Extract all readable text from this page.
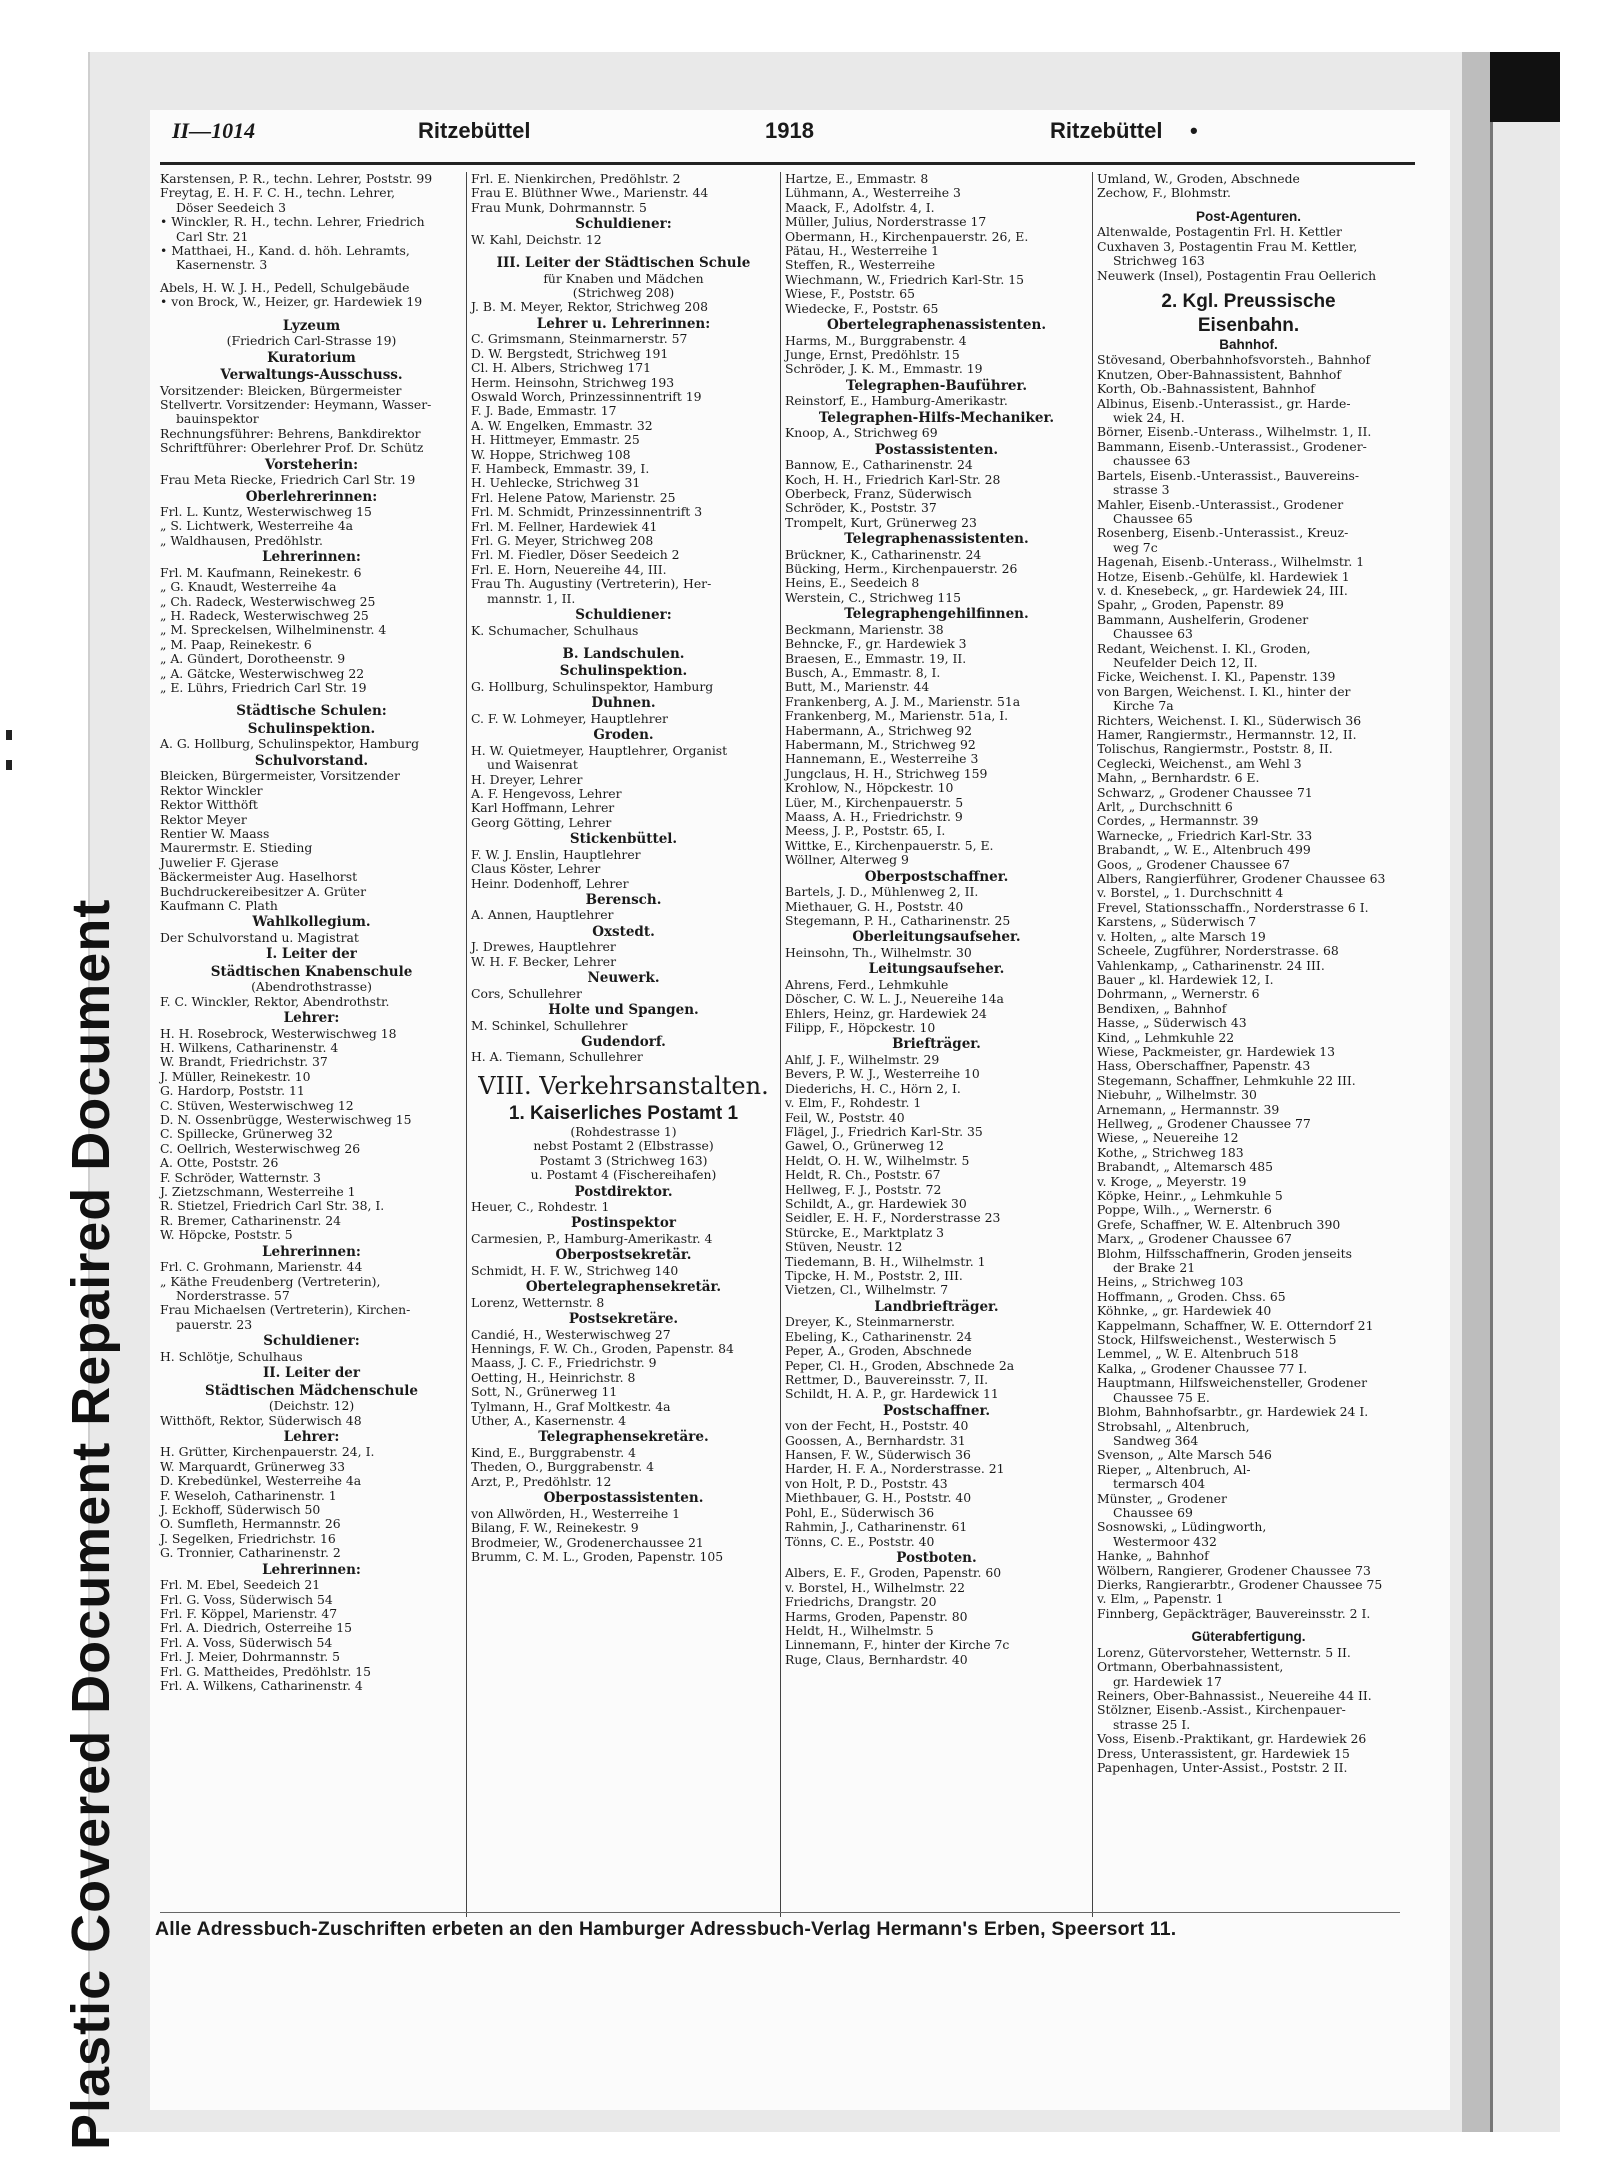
Plastic Covered Document Repaired Document
II—1014	Ritzebüttel	1918	Ritzebüttel •

Karstensen, P. R., techn. Lehrer, Poststr. 99

Freytag, E. H. F. C. H., techn. Lehrer,

Döser Seedeich 3

• Winckler, R. H., techn. Lehrer, Friedrich

Carl Str. 21

• Matthaei, H., Kand. d. höh. Lehramts,

Kasernenstr. 3

Abels, H. W. J. H., Pedell, Schulgebäude

• von Brock, W., Heizer, gr. Hardewiek 19

Lyzeum

(Friedrich Carl-Strasse 19)

Kuratorium

Verwaltungs-Ausschuss.

Vorsitzender: Bleicken, Bürgermeister

Stellvertr. Vorsitzender: Heymann, Wasser-

bauinspektor

Rechnungsführer: Behrens, Bankdirektor

Schriftführer: Oberlehrer Prof. Dr. Schütz

Vorsteherin:

Frau Meta Riecke, Friedrich Carl Str. 19

Oberlehrerinnen:

Frl. L. Kuntz, Westerwischweg 15

„ S. Lichtwerk, Westerreihe 4a

„ Waldhausen, Predöhlstr.

Lehrerinnen:

Frl. M. Kaufmann, Reinekestr. 6

„ G. Knaudt, Westerreihe 4a

„ Ch. Radeck, Westerwischweg 25

„ H. Radeck, Westerwischweg 25

„ M. Spreckelsen, Wilhelminenstr. 4

„ M. Paap, Reinekestr. 6

„ A. Gündert, Dorotheenstr. 9

„ A. Gätcke, Westerwischweg 22

„ E. Lührs, Friedrich Carl Str. 19

Städtische Schulen:

Schulinspektion.

A. G. Hollburg, Schulinspektor, Hamburg

Schulvorstand.

Bleicken, Bürgermeister, Vorsitzender

Rektor Winckler

Rektor Witthöft

Rektor Meyer

Rentier W. Maass

Maurermstr. E. Stieding

Juwelier F. Gjerase

Bäckermeister Aug. Haselhorst

Buchdruckereibesitzer A. Grüter

Kaufmann C. Plath

Wahlkollegium.

Der Schulvorstand u. Magistrat

I. Leiter der

Städtischen Knabenschule

(Abendrothstrasse)

F. C. Winckler, Rektor, Abendrothstr.

Lehrer:

H. H. Rosebrock, Westerwischweg 18

H. Wilkens, Catharinenstr. 4

W. Brandt, Friedrichstr. 37

J. Müller, Reinekestr. 10

G. Hardorp, Poststr. 11

C. Stüven, Westerwischweg 12

D. N. Ossenbrügge, Westerwischweg 15

C. Spillecke, Grünerweg 32

C. Oellrich, Westerwischweg 26

A. Otte, Poststr. 26

F. Schröder, Watternstr. 3

J. Zietzschmann, Westerreihe 1

R. Stietzel, Friedrich Carl Str. 38, I.

R. Bremer, Catharinenstr. 24

W. Höpcke, Poststr. 5

Lehrerinnen:

Frl. C. Grohmann, Marienstr. 44

„ Käthe Freudenberg (Vertreterin),

Norderstrasse. 57

Frau Michaelsen (Vertreterin), Kirchen-

pauerstr. 23

Schuldiener:

H. Schlötje, Schulhaus

II. Leiter der

Städtischen Mädchenschule

(Deichstr. 12)

Witthöft, Rektor, Süderwisch 48

Lehrer:

H. Grütter, Kirchenpauerstr. 24, I.

W. Marquardt, Grünerweg 33

D. Krebedünkel, Westerreihe 4a

F. Weseloh, Catharinenstr. 1

J. Eckhoff, Süderwisch 50

O. Sumfleth, Hermannstr. 26

J. Segelken, Friedrichstr. 16

G. Tronnier, Catharinenstr. 2

Lehrerinnen:

Frl. M. Ebel, Seedeich 21

Frl. G. Voss, Süderwisch 54

Frl. F. Köppel, Marienstr. 47

Frl. A. Diedrich, Osterreihe 15

Frl. A. Voss, Süderwisch 54

Frl. J. Meier, Dohrmannstr. 5

Frl. G. Mattheides, Predöhlstr. 15

Frl. A. Wilkens, Catharinenstr. 4

Frl. E. Nienkirchen, Predöhlstr. 2

Frau E. Blüthner Wwe., Marienstr. 44

Frau Munk, Dohrmannstr. 5

Schuldiener:

W. Kahl, Deichstr. 12

III. Leiter der Städtischen Schule

für Knaben und Mädchen

(Strichweg 208)

J. B. M. Meyer, Rektor, Strichweg 208

Lehrer u. Lehrerinnen:

C. Grimsmann, Steinmarnerstr. 57

D. W. Bergstedt, Strichweg 191

Cl. H. Albers, Strichweg 171

Herm. Heinsohn, Strichweg 193

Oswald Worch, Prinzessinnentrift 19

F. J. Bade, Emmastr. 17

A. W. Engelken, Emmastr. 32

H. Hittmeyer, Emmastr. 25

W. Hoppe, Strichweg 108

F. Hambeck, Emmastr. 39, I.

H. Uehlecke, Strichweg 31

Frl. Helene Patow, Marienstr. 25

Frl. M. Schmidt, Prinzessinnentrift 3

Frl. M. Fellner, Hardewiek 41

Frl. G. Meyer, Strichweg 208

Frl. M. Fiedler, Döser Seedeich 2

Frl. E. Horn, Neuereihe 44, III.

Frau Th. Augustiny (Vertreterin), Her-

mannstr. 1, II.

Schuldiener:

K. Schumacher, Schulhaus

B. Landschulen.

Schulinspektion.

G. Hollburg, Schulinspektor, Hamburg

Duhnen.

C. F. W. Lohmeyer, Hauptlehrer

Groden.

H. W. Quietmeyer, Hauptlehrer, Organist

und Waisenrat

H. Dreyer, Lehrer

A. F. Hengevoss, Lehrer

Karl Hoffmann, Lehrer

Georg Götting, Lehrer

Stickenbüttel.

F. W. J. Enslin, Hauptlehrer

Claus Köster, Lehrer

Heinr. Dodenhoff, Lehrer

Berensch.

A. Annen, Hauptlehrer

Oxstedt.

J. Drewes, Hauptlehrer

W. H. F. Becker, Lehrer

Neuwerk.

Cors, Schullehrer

Holte und Spangen.

M. Schinkel, Schullehrer

Gudendorf.

H. A. Tiemann, Schullehrer

VIII. Verkehrsanstalten.

1. Kaiserliches Postamt 1

(Rohdestrasse 1)

nebst Postamt 2 (Elbstrasse)

Postamt 3 (Strichweg 163)

u. Postamt 4 (Fischereihafen)

Postdirektor.

Heuer, C., Rohdestr. 1

Postinspektor

Carmesien, P., Hamburg-Amerikastr. 4

Oberpostsekretär.

Schmidt, H. F. W., Strichweg 140

Obertelegraphensekretär.

Lorenz, Wetternstr. 8

Postsekretäre.

Candié, H., Westerwischweg 27

Hennings, F. W. Ch., Groden, Papenstr. 84

Maass, J. C. F., Friedrichstr. 9

Oetting, H., Heinrichstr. 8

Sott, N., Grünerweg 11

Tylmann, H., Graf Moltkestr. 4a

Uther, A., Kasernenstr. 4

Telegraphensekretäre.

Kind, E., Burggrabenstr. 4

Theden, O., Burggrabenstr. 4

Arzt, P., Predöhlstr. 12

Oberpostassistenten.

von Allwörden, H., Westerreihe 1

Bilang, F. W., Reinekestr. 9

Brodmeier, W., Grodenerchaussee 21

Brumm, C. M. L., Groden, Papenstr. 105

Hartze, E., Emmastr. 8

Lühmann, A., Westerreihe 3

Maack, F., Adolfstr. 4, I.

Müller, Julius, Norderstrasse 17

Obermann, H., Kirchenpauerstr. 26, E.

Pätau, H., Westerreihe 1

Steffen, R., Westerreihe

Wiechmann, W., Friedrich Karl-Str. 15

Wiese, F., Poststr. 65

Wiedecke, F., Poststr. 65

Obertelegraphenassistenten.

Harms, M., Burggrabenstr. 4

Junge, Ernst, Predöhlstr. 15

Schröder, J. K. M., Emmastr. 19

Telegraphen-Bauführer.

Reinstorf, E., Hamburg-Amerikastr.

Telegraphen-Hilfs-Mechaniker.

Knoop, A., Strichweg 69

Postassistenten.

Bannow, E., Catharinenstr. 24

Koch, H. H., Friedrich Karl-Str. 28

Oberbeck, Franz, Süderwisch

Schröder, K., Poststr. 37

Trompelt, Kurt, Grünerweg 23

Telegraphenassistenten.

Brückner, K., Catharinenstr. 24

Bücking, Herm., Kirchenpauerstr. 26

Heins, E., Seedeich 8

Werstein, C., Strichweg 115

Telegraphengehilfinnen.

Beckmann, Marienstr. 38

Behncke, F., gr. Hardewiek 3

Braesen, E., Emmastr. 19, II.

Busch, A., Emmastr. 8, I.

Butt, M., Marienstr. 44

Frankenberg, A. J. M., Marienstr. 51a

Frankenberg, M., Marienstr. 51a, I.

Habermann, A., Strichweg 92

Habermann, M., Strichweg 92

Hannemann, E., Westerreihe 3

Jungclaus, H. H., Strichweg 159

Krohlow, N., Höpckestr. 10

Lüer, M., Kirchenpauerstr. 5

Maass, A. H., Friedrichstr. 9

Meess, J. P., Poststr. 65, I.

Wittke, E., Kirchenpauerstr. 5, E.

Wöllner, Alterweg 9

Oberpostschaffner.

Bartels, J. D., Mühlenweg 2, II.

Miethauer, G. H., Poststr. 40

Stegemann, P. H., Catharinenstr. 25

Oberleitungsaufseher.

Heinsohn, Th., Wilhelmstr. 30

Leitungsaufseher.

Ahrens, Ferd., Lehmkuhle

Döscher, C. W. L. J., Neuereihe 14a

Ehlers, Heinz, gr. Hardewiek 24

Filipp, F., Höpckestr. 10

Briefträger.

Ahlf, J. F., Wilhelmstr. 29

Bevers, P. W. J., Westerreihe 10

Diederichs, H. C., Hörn 2, I.

v. Elm, F., Rohdestr. 1

Feil, W., Poststr. 40

Flägel, J., Friedrich Karl-Str. 35

Gawel, O., Grünerweg 12

Heldt, O. H. W., Wilhelmstr. 5

Heldt, R. Ch., Poststr. 67

Hellweg, F. J., Poststr. 72

Schildt, A., gr. Hardewiek 30

Seidler, E. H. F., Norderstrasse 23

Stürcke, E., Marktplatz 3

Stüven, Neustr. 12

Tiedemann, B. H., Wilhelmstr. 1

Tipcke, H. M., Poststr. 2, III.

Vietzen, Cl., Wilhelmstr. 7

Landbriefträger.

Dreyer, K., Steinmarnerstr.

Ebeling, K., Catharinenstr. 24

Peper, A., Groden, Abschnede

Peper, Cl. H., Groden, Abschnede 2a

Rettmer, D., Bauvereinsstr. 7, II.

Schildt, H. A. P., gr. Hardewick 11

Postschaffner.

von der Fecht, H., Poststr. 40

Goossen, A., Bernhardstr. 31

Hansen, F. W., Süderwisch 36

Harder, H. F. A., Norderstrasse. 21

von Holt, P. D., Poststr. 43

Miethbauer, G. H., Poststr. 40

Pohl, E., Süderwisch 36

Rahmin, J., Catharinenstr. 61

Tönns, C. E., Poststr. 40

Postboten.

Albers, E. F., Groden, Papenstr. 60

v. Borstel, H., Wilhelmstr. 22

Friedrichs, Drangstr. 20

Harms, Groden, Papenstr. 80

Heldt, H., Wilhelmstr. 5

Linnemann, F., hinter der Kirche 7c

Ruge, Claus, Bernhardstr. 40

Umland, W., Groden, Abschnede

Zechow, F., Blohmstr.

Post-Agenturen.

Altenwalde, Postagentin Frl. H. Kettler

Cuxhaven 3, Postagentin Frau M. Kettler,

Strichweg 163

Neuwerk (Insel), Postagentin Frau Oellerich

2. Kgl. Preussische

Eisenbahn.

Bahnhof.

Stövesand, Oberbahnhofsvorsteh., Bahnhof

Knutzen, Ober-Bahnassistent, Bahnhof

Korth, Ob.-Bahnassistent, Bahnhof

Albinus, Eisenb.-Unterassist., gr. Harde-

wiek 24, H.

Börner, Eisenb.-Unterass., Wilhelmstr. 1, II.

Bammann, Eisenb.-Unterassist., Grodener-

chaussee 63

Bartels, Eisenb.-Unterassist., Bauvereins-

strasse 3

Mahler, Eisenb.-Unterassist., Grodener

Chaussee 65

Rosenberg, Eisenb.-Unterassist., Kreuz-

weg 7c

Hagenah, Eisenb.-Unterass., Wilhelmstr. 1

Hotze, Eisenb.-Gehülfe, kl. Hardewiek 1

v. d. Knesebeck, „ gr. Hardewiek 24, III.

Spahr, „ Groden, Papenstr. 89

Bammann, Aushelferin, Grodener

Chaussee 63

Redant, Weichenst. I. Kl., Groden,

Neufelder Deich 12, II.

Ficke, Weichenst. I. Kl., Papenstr. 139

von Bargen, Weichenst. I. Kl., hinter der

Kirche 7a

Richters, Weichenst. I. Kl., Süderwisch 36

Hamer, Rangiermstr., Hermannstr. 12, II.

Tolischus, Rangiermstr., Poststr. 8, II.

Ceglecki, Weichenst., am Wehl 3

Mahn, „ Bernhardstr. 6 E.

Schwarz, „ Grodener Chaussee 71

Arlt, „ Durchschnitt 6

Cordes, „ Hermannstr. 39

Warnecke, „ Friedrich Karl-Str. 33

Brabandt, „ W. E., Altenbruch 499

Goos, „ Grodener Chaussee 67

Albers, Rangierführer, Grodener Chaussee 63

v. Borstel, „ 1. Durchschnitt 4

Frevel, Stationsschaffn., Norderstrasse 6 I.

Karstens, „ Süderwisch 7

v. Holten, „ alte Marsch 19

Scheele, Zugführer, Norderstrasse. 68

Vahlenkamp, „ Catharinenstr. 24 III.

Bauer „ kl. Hardewiek 12, I.

Dohrmann, „ Wernerstr. 6

Bendixen, „ Bahnhof

Hasse, „ Süderwisch 43

Kind, „ Lehmkuhle 22

Wiese, Packmeister, gr. Hardewiek 13

Hass, Oberschaffner, Papenstr. 43

Stegemann, Schaffner, Lehmkuhle 22 III.

Niebuhr, „ Wilhelmstr. 30

Arnemann, „ Hermannstr. 39

Hellweg, „ Grodener Chaussee 77

Wiese, „ Neuereihe 12

Kothe, „ Strichweg 183

Brabandt, „ Altemarsch 485

v. Kroge, „ Meyerstr. 19

Köpke, Heinr., „ Lehmkuhle 5

Poppe, Wilh., „ Wernerstr. 6

Grefe, Schaffner, W. E. Altenbruch 390

Marx, „ Grodener Chaussee 67

Blohm, Hilfsschaffnerin, Groden jenseits

der Brake 21

Heins, „ Strichweg 103

Hoffmann, „ Groden. Chss. 65

Köhnke, „ gr. Hardewiek 40

Kappelmann, Schaffner, W. E. Otterndorf 21

Stock, Hilfsweichenst., Westerwisch 5

Lemmel, „ W. E. Altenbruch 518

Kalka, „ Grodener Chaussee 77 I.

Hauptmann, Hilfsweichensteller, Grodener

Chaussee 75 E.

Blohm, Bahnhofsarbtr., gr. Hardewiek 24 I.

Strobsahl, „ Altenbruch,

Sandweg 364

Svenson, „ Alte Marsch 546

Rieper, „ Altenbruch, Al-

termarsch 404

Münster, „ Grodener

Chaussee 69

Sosnowski, „ Lüdingworth,

Westermoor 432

Hanke, „ Bahnhof

Wölbern, Rangierer, Grodener Chaussee 73

Dierks, Rangierarbtr., Grodener Chaussee 75

v. Elm, „ Papenstr. 1

Finnberg, Gepäckträger, Bauvereinsstr. 2 I.

Güterabfertigung.

Lorenz, Gütervorsteher, Wetternstr. 5 II.

Ortmann, Oberbahnassistent,

gr. Hardewiek 17

Reiners, Ober-Bahnassist., Neuereihe 44 II.

Stölzner, Eisenb.-Assist., Kirchenpauer-

strasse 25 I.

Voss, Eisenb.-Praktikant, gr. Hardewiek 26

Dress, Unterassistent, gr. Hardewiek 15

Papenhagen, Unter-Assist., Poststr. 2 II.

Alle Adressbuch-Zuschriften erbeten an den Hamburger Adressbuch-Verlag Hermann's Erben, Speersort 11.
